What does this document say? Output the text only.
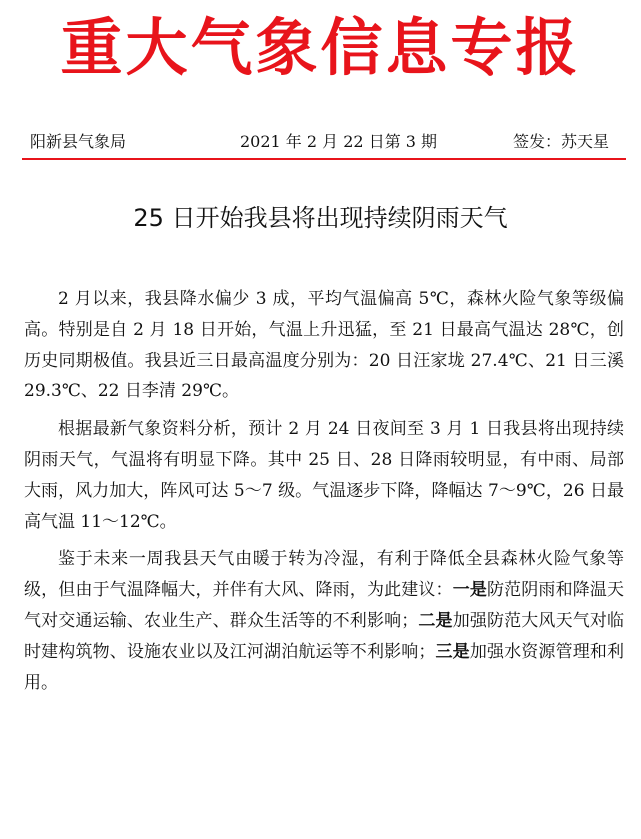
重大气象信息专报
阳新县气象局	2021 年 2 月 22 日第 3 期	签发：苏天星
25 日开始我县将出现持续阴雨天气

2 月以来，我县降水偏少 3 成，平均气温偏高 5℃，森林火险气象等级偏高。特别是自 2 月 18 日开始，气温上升迅猛，至 21 日最高气温达 28℃，创历史同期极值。我县近三日最高温度分别为：20 日汪家垅 27.4℃、21 日三溪 29.3℃、22 日李清 29℃。

根据最新气象资料分析，预计 2 月 24 日夜间至 3 月 1 日我县将出现持续阴雨天气，气温将有明显下降。其中 25 日、28 日降雨较明显，有中雨、局部大雨，风力加大，阵风可达 5～7 级。气温逐步下降，降幅达 7～9℃，26 日最高气温 11～12℃。

鉴于未来一周我县天气由暖于转为冷湿，有利于降低全县森林火险气象等级，但由于气温降幅大，并伴有大风、降雨，为此建议：一是防范阴雨和降温天气对交通运输、农业生产、群众生活等的不利影响；二是加强防范大风天气对临时建构筑物、设施农业以及江河湖泊航运等不利影响；三是加强水资源管理和利用。
